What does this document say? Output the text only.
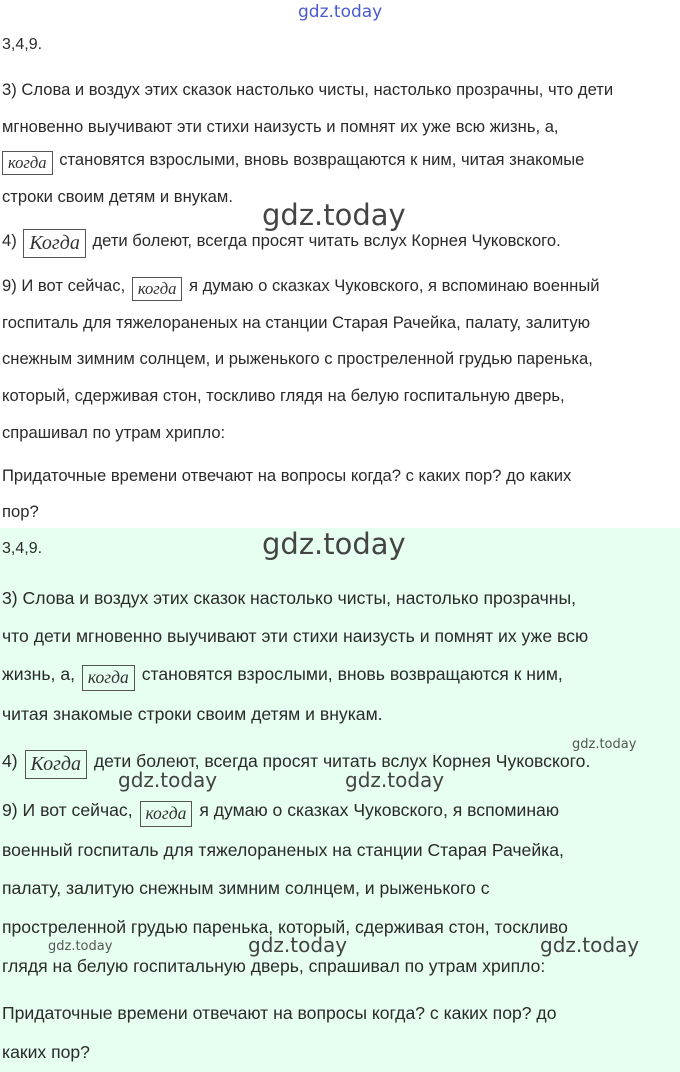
3,4,9.
3) Слова и воздух этих сказок настолько чисты, настолько прозрачны, что дети
мгновенно выучивают эти стихи наизусть и помнят их уже всю жизнь, а,
когда становятся взрослыми, вновь возвращаются к ним, читая знакомые
строки своим детям и внукам.
4) Когда дети болеют, всегда просят читать вслух Корнея Чуковского.
9) И вот сейчас, когда я думаю о сказках Чуковского, я вспоминаю военный
госпиталь для тяжелораненых на станции Старая Рачейка, палату, залитую
снежным зимним солнцем, и рыженького с простреленной грудью паренька,
который, сдерживая стон, тоскливо глядя на белую госпитальную дверь,
спрашивал по утрам хрипло:
Придаточные времени отвечают на вопросы когда? с каких пор? до каких
пор?
3,4,9.
3) Слова и воздух этих сказок настолько чисты, настолько прозрачны,
что дети мгновенно выучивают эти стихи наизусть и помнят их уже всю
жизнь, а, когда становятся взрослыми, вновь возвращаются к ним,
читая знакомые строки своим детям и внукам.
4) Когда дети болеют, всегда просят читать вслух Корнея Чуковского.
9) И вот сейчас, когда я думаю о сказках Чуковского, я вспоминаю
военный госпиталь для тяжелораненых на станции Старая Рачейка,
палату, залитую снежным зимним солнцем, и рыженького с
простреленной грудью паренька, который, сдерживая стон, тоскливо
глядя на белую госпитальную дверь, спрашивал по утрам хрипло:
Придаточные времени отвечают на вопросы когда? с каких пор? до
каких пор?
gdz.today
gdz.today
gdz.today
gdz.today
gdz.today	gdz.today
gdz.today	gdz.today	gdz.today
